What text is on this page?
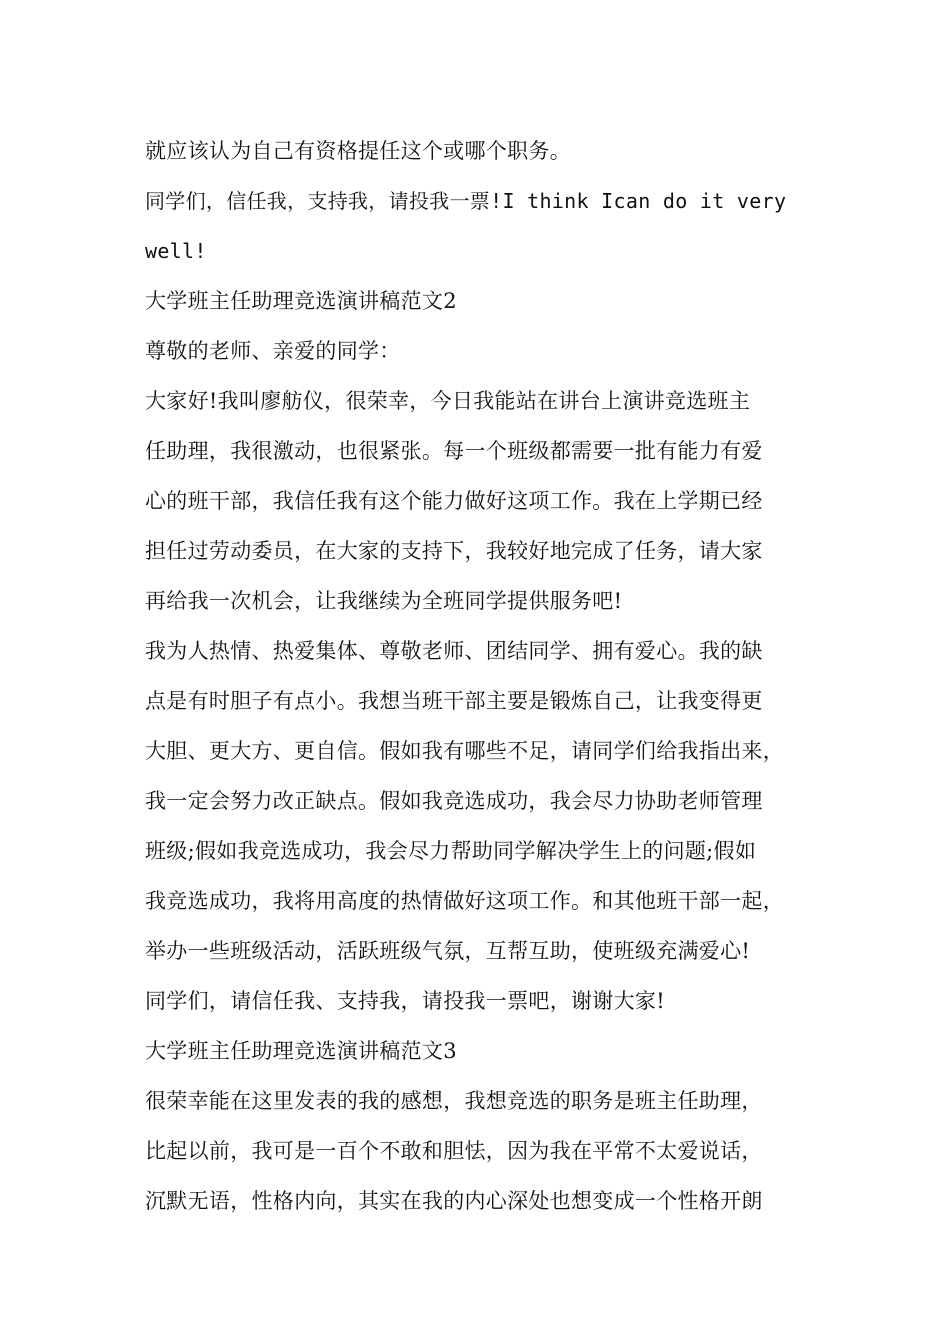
就应该认为自己有资格提任这个或哪个职务。
同学们，信任我，支持我，请投我一票!I think Ican do it very
well!
大学班主任助理竞选演讲稿范文2
尊敬的老师、亲爱的同学：
大家好!我叫廖舫仪，很荣幸，今日我能站在讲台上演讲竞选班主
任助理，我很激动，也很紧张。每一个班级都需要一批有能力有爱
心的班干部，我信任我有这个能力做好这项工作。我在上学期已经
担任过劳动委员，在大家的支持下，我较好地完成了任务，请大家
再给我一次机会，让我继续为全班同学提供服务吧!
我为人热情、热爱集体、尊敬老师、团结同学、拥有爱心。我的缺
点是有时胆子有点小。我想当班干部主要是锻炼自己，让我变得更
大胆、更大方、更自信。假如我有哪些不足，请同学们给我指出来，
我一定会努力改正缺点。假如我竞选成功，我会尽力协助老师管理
班级;假如我竞选成功，我会尽力帮助同学解决学生上的问题;假如
我竞选成功，我将用高度的热情做好这项工作。和其他班干部一起，
举办一些班级活动，活跃班级气氛，互帮互助，使班级充满爱心!
同学们，请信任我、支持我，请投我一票吧，谢谢大家!
大学班主任助理竞选演讲稿范文3
很荣幸能在这里发表的我的感想，我想竞选的职务是班主任助理，
比起以前，我可是一百个不敢和胆怯，因为我在平常不太爱说话，
沉默无语，性格内向，其实在我的内心深处也想变成一个性格开朗
